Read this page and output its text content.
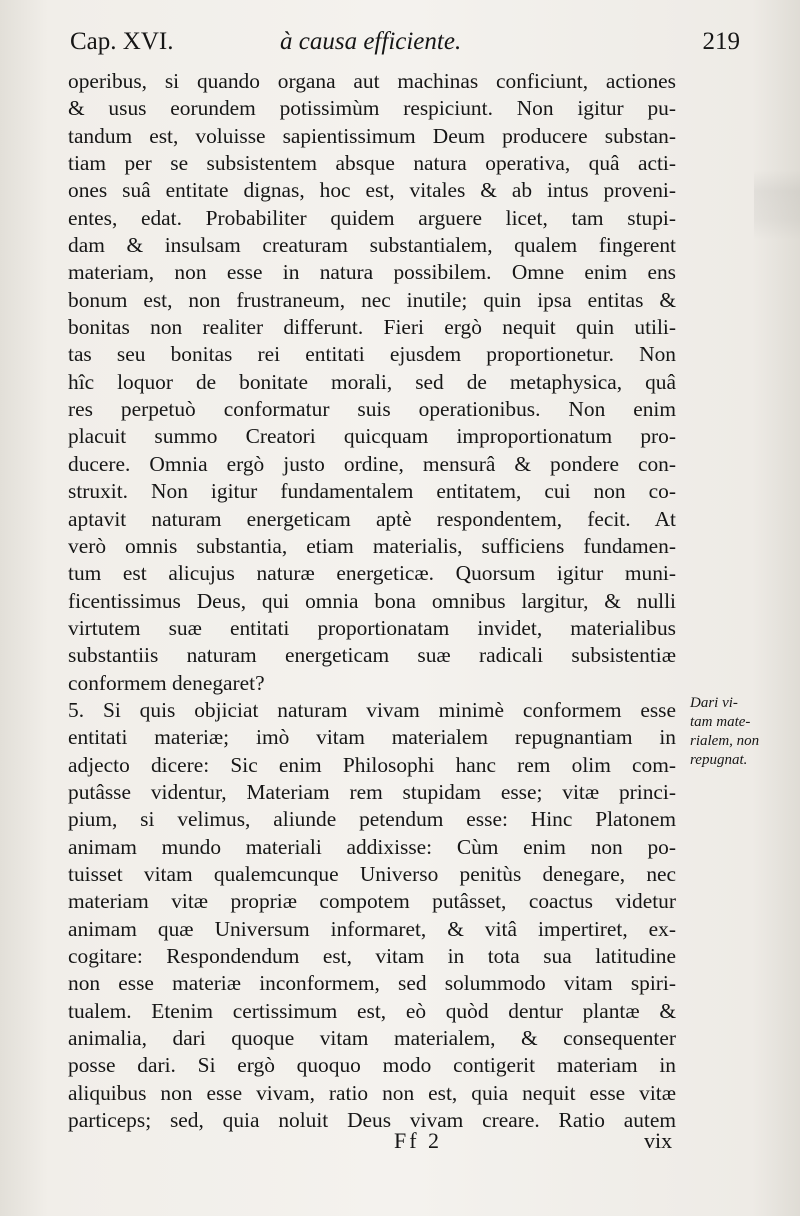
Cap. XVI.	à causa efficiente.	219
operibus, si quando organa aut machinas conficiunt, actiones
& usus eorundem potissimùm respiciunt. Non igitur pu-
tandum est, voluisse sapientissimum Deum producere substan-
tiam per se subsistentem absque natura operativa, quâ acti-
ones suâ entitate dignas, hoc est, vitales & ab intus proveni-
entes, edat. Probabiliter quidem arguere licet, tam stupi-
dam & insulsam creaturam substantialem, qualem fingerent
materiam, non esse in natura possibilem. Omne enim ens
bonum est, non frustraneum, nec inutile; quin ipsa entitas &
bonitas non realiter differunt. Fieri ergò nequit quin utili-
tas seu bonitas rei entitati ejusdem proportionetur. Non
hîc loquor de bonitate morali, sed de metaphysica, quâ
res perpetuò conformatur suis operationibus. Non enim
placuit summo Creatori quicquam improportionatum pro-
ducere. Omnia ergò justo ordine, mensurâ & pondere con-
struxit. Non igitur fundamentalem entitatem, cui non co-
aptavit naturam energeticam aptè respondentem, fecit. At
verò omnis substantia, etiam materialis, sufficiens fundamen-
tum est alicujus naturæ energeticæ. Quorsum igitur muni-
ficentissimus Deus, qui omnia bona omnibus largitur, & nulli
virtutem suæ entitati proportionatam invidet, materialibus
substantiis naturam energeticam suæ radicali subsistentiæ
conformem denegaret?
5. Si quis objiciat naturam vivam minimè conformem esse
entitati materiæ; imò vitam materialem repugnantiam in
adjecto dicere: Sic enim Philosophi hanc rem olim com-
putâsse videntur, Materiam rem stupidam esse; vitæ princi-
pium, si velimus, aliunde petendum esse: Hinc Platonem
animam mundo materiali addixisse: Cùm enim non po-
tuisset vitam qualemcunque Universo penitùs denegare, nec
materiam vitæ propriæ compotem putâsset, coactus videtur
animam quæ Universum informaret, & vitâ impertiret, ex-
cogitare: Respondendum est, vitam in tota sua latitudine
non esse materiæ inconformem, sed solummodo vitam spiri-
tualem. Etenim certissimum est, eò quòd dentur plantæ &
animalia, dari quoque vitam materialem, & consequenter
posse dari. Si ergò quoquo modo contigerit materiam in
aliquibus non esse vivam, ratio non est, quia nequit esse vitæ
particeps; sed, quia noluit Deus vivam creare. Ratio autem
Dari vi-
tam mate-
rialem, non
repugnat.
Ff 2	vix
